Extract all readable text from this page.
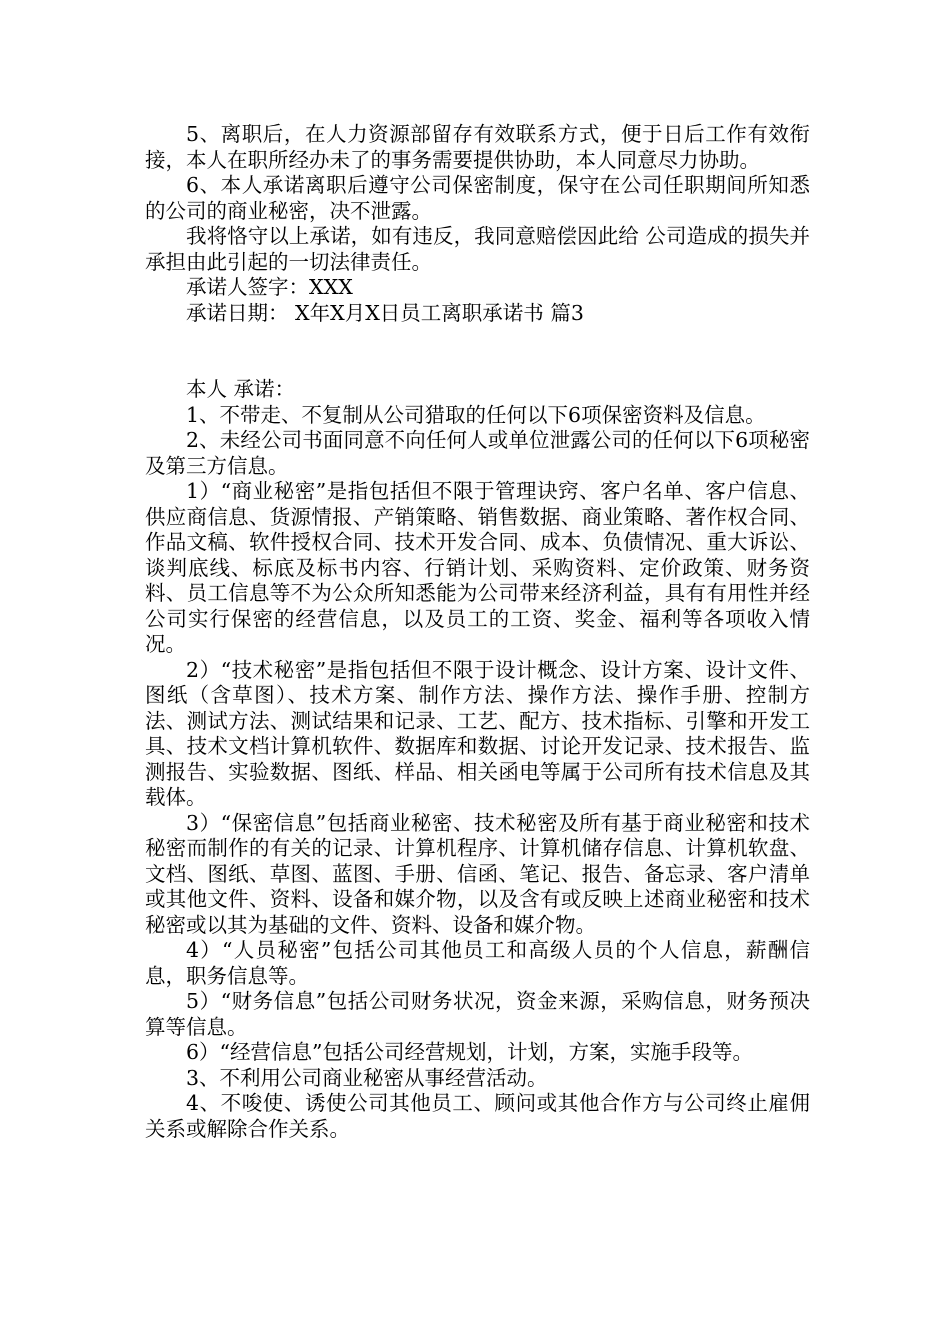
5、离职后，在人力资源部留存有效联系方式，便于日后工作有效衔接，本人在职所经办未了的事务需要提供协助，本人同意尽力协助。

6、本人承诺离职后遵守公司保密制度，保守在公司任职期间所知悉的公司的商业秘密，决不泄露。

我将恪守以上承诺，如有违反，我同意赔偿因此给 公司造成的损失并承担由此引起的一切法律责任。

承诺人签字：XXX

承诺日期： X年X月X日员工离职承诺书 篇3

本人 承诺：

1、不带走、不复制从公司猎取的任何以下6项保密资料及信息。

2、未经公司书面同意不向任何人或单位泄露公司的任何以下6项秘密及第三方信息。

1）“商业秘密”是指包括但不限于管理诀窍、客户名单、客户信息、供应商信息、货源情报、产销策略、销售数据、商业策略、著作权合同、作品文稿、软件授权合同、技术开发合同、成本、负债情况、重大诉讼、谈判底线、标底及标书内容、行销计划、采购资料、定价政策、财务资料、员工信息等不为公众所知悉能为公司带来经济利益，具有有用性并经公司实行保密的经营信息，以及员工的工资、奖金、福利等各项收入情况。

2）“技术秘密”是指包括但不限于设计概念、设计方案、设计文件、图纸（含草图）、技术方案、制作方法、操作方法、操作手册、控制方法、测试方法、测试结果和记录、工艺、配方、技术指标、引擎和开发工具、技术文档计算机软件、数据库和数据、讨论开发记录、技术报告、监测报告、实验数据、图纸、样品、相关函电等属于公司所有技术信息及其载体。

3）“保密信息”包括商业秘密、技术秘密及所有基于商业秘密和技术秘密而制作的有关的记录、计算机程序、计算机储存信息、计算机软盘、文档、图纸、草图、蓝图、手册、信函、笔记、报告、备忘录、客户清单或其他文件、资料、设备和媒介物，以及含有或反映上述商业秘密和技术秘密或以其为基础的文件、资料、设备和媒介物。

4）“人员秘密”包括公司其他员工和高级人员的个人信息，薪酬信息，职务信息等。

5）“财务信息”包括公司财务状况，资金来源，采购信息，财务预决算等信息。

6）“经营信息”包括公司经营规划，计划，方案，实施手段等。

3、不利用公司商业秘密从事经营活动。

4、不唆使、诱使公司其他员工、顾问或其他合作方与公司终止雇佣关系或解除合作关系。
